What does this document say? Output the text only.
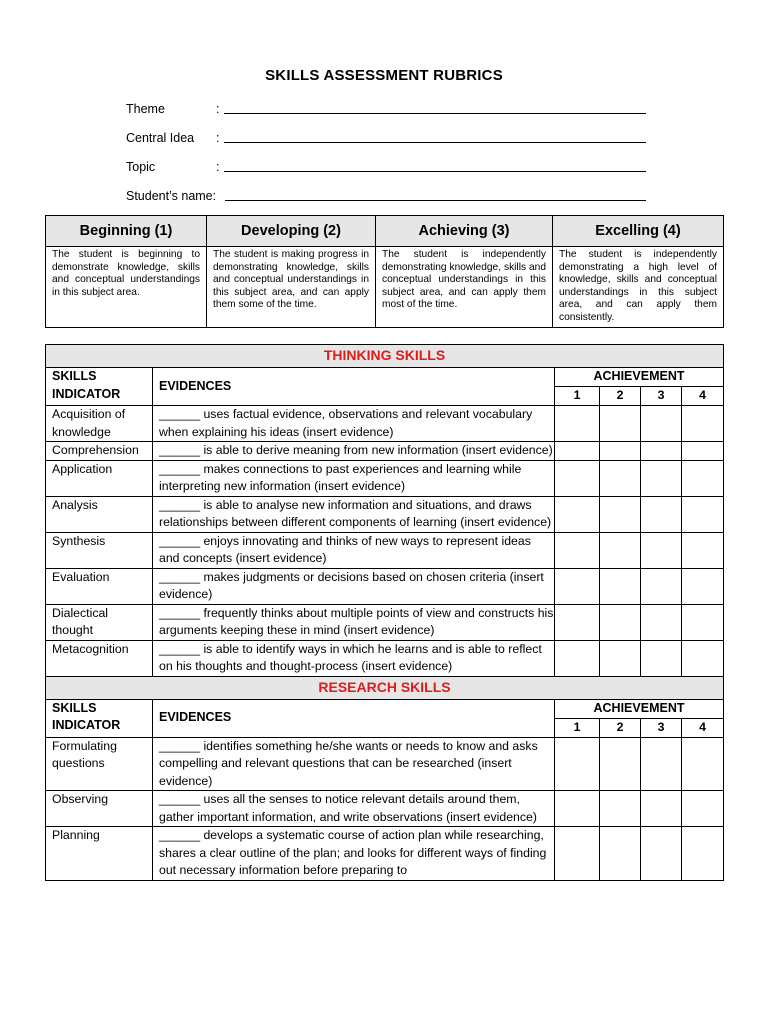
SKILLS ASSESSMENT RUBRICS
Theme	:
Central Idea	:
Topic	:
Student’s name :
Beginning (1)	Developing (2)	Achieving (3)	Excelling (4)
The student is beginning to demonstrate knowledge, skills and conceptual understandings in this subject area.	The student is making progress in demonstrating knowledge, skills and conceptual understandings in this subject area, and can apply them some of the time.	The student is independently demonstrating knowledge, skills and conceptual understandings in this subject area, and can apply them most of the time.	The student is independently demonstrating a high level of knowledge, skills and conceptual understandings in this subject area, and can apply them consistently.
THINKING SKILLS					
SKILLS
INDICATOR	EVIDENCES	ACHIEVEMENT			
		1	2	3	4
Acquisition of knowledge	______ uses factual evidence, observations and relevant vocabulary when explaining his ideas (insert evidence)				
Comprehension	______ is able to derive meaning from new information (insert evidence)				
Application	______ makes connections to past experiences and learning while interpreting new information (insert evidence)				
Analysis	______ is able to analyse new information and situations, and draws relationships between different components of learning (insert evidence)				
Synthesis	______ enjoys innovating and thinks of new ways to represent ideas and concepts (insert evidence)				
Evaluation	______ makes judgments or decisions based on chosen criteria (insert evidence)				
Dialectical thought	______ frequently thinks about multiple points of view and constructs his arguments keeping these in mind (insert evidence)				
Metacognition	______ is able to identify ways in which he learns and is able to reflect on his thoughts and thought-process (insert evidence)				
RESEARCH SKILLS					
SKILLS
INDICATOR	EVIDENCES	ACHIEVEMENT			
		1	2	3	4
Formulating questions	______ identifies something he/she wants or needs to know and asks compelling and relevant questions that can be researched (insert evidence)				
Observing	______ uses all the senses to notice relevant details around them, gather important information, and write observations (insert evidence)				
Planning	______ develops a systematic course of action plan while researching, shares a clear outline of the plan; and looks for different ways of finding out necessary information before preparing to				
